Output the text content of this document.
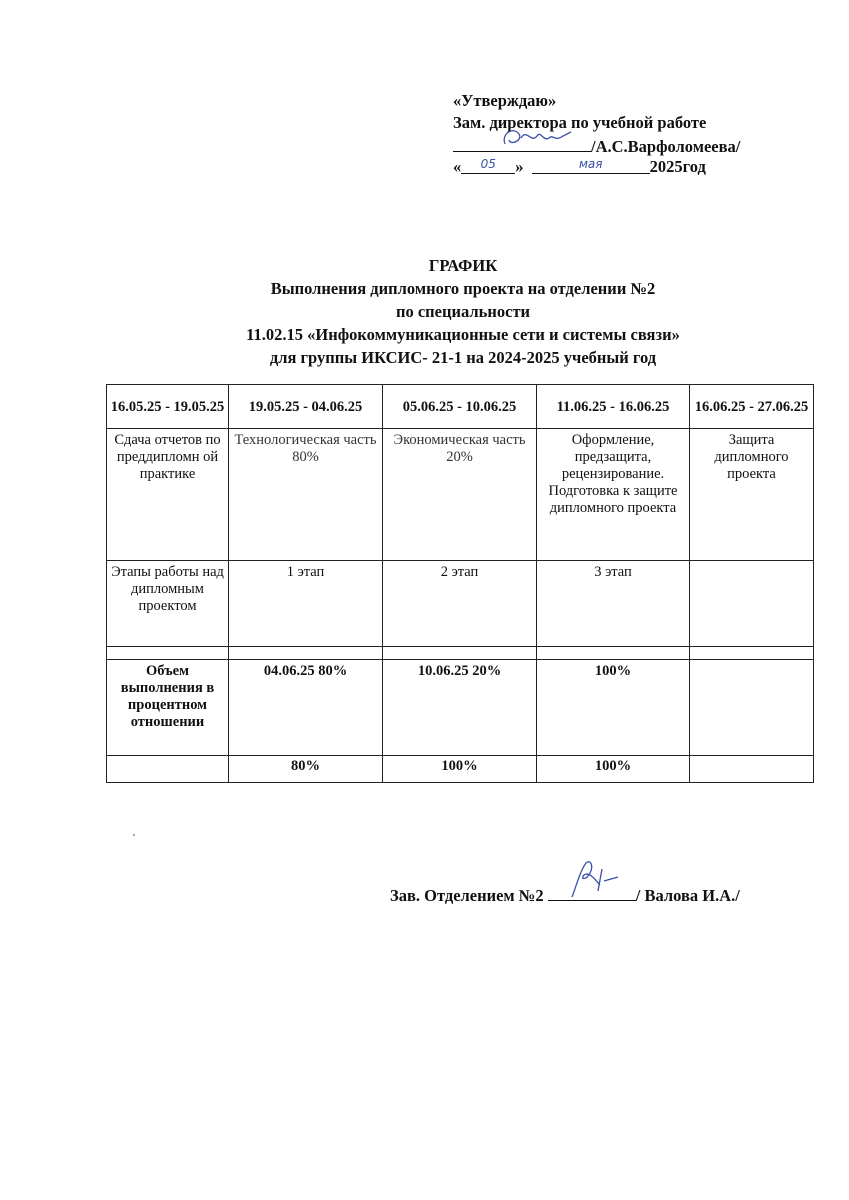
«Утверждаю»
Зам. директора по учебной работе
/А.С.Варфоломеева/
« $^{05}$ »	$^{мая}$	2025год
ГРАФИК
Выполнения дипломного проекта на отделении №2
по специальности
11.02.15 «Инфокоммуникационные сети и системы связи»
для группы ИКСИС- 21-1 на 2024-2025 учебный год
16.05.25 - 19.05.25	19.05.25 - 04.06.25	05.06.25 - 10.06.25	11.06.25 - 16.06.25	16.06.25 - 27.06.25
Сдача отчетов по преддипломн ой практике	Технологическая часть 80%	Экономическая часть 20%	Оформление, предзащита, рецензирование. Подготовка к защите дипломного проекта	Защита дипломного проекта
Этапы работы над дипломным проектом	1 этап	2 этап	3 этап	

Объем выполнения в процентном отношении	04.06.25 80%	10.06.25 20%	100%	
	80%	100%	100%	
Зав. Отделением №2	/ Валова И.А./
